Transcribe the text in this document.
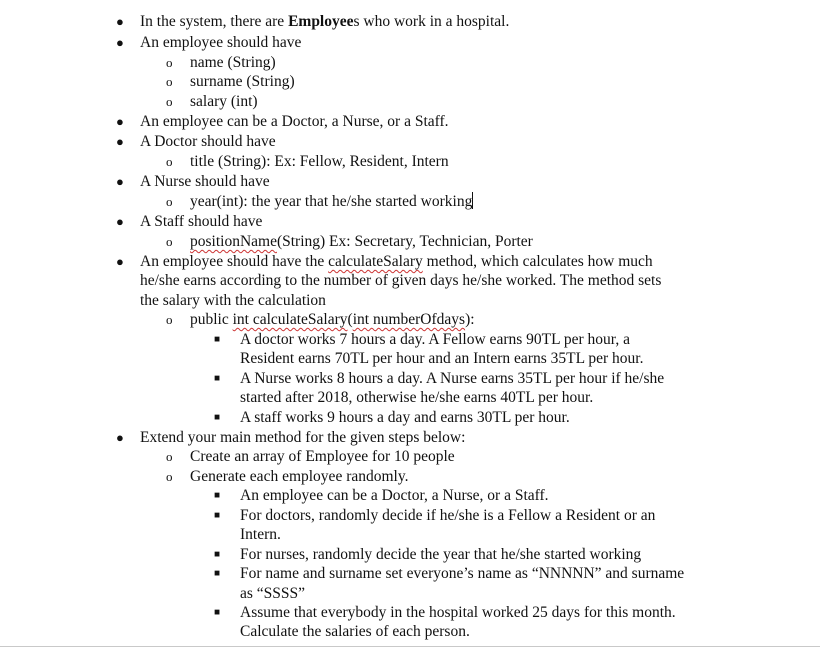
● In the system, there are Employees who work in a hospital.
● An employee should have
o name (String)
o surname (String)
o salary (int)
● An employee can be a Doctor, a Nurse, or a Staff.
● A Doctor should have
o title (String): Ex: Fellow, Resident, Intern
● A Nurse should have
o year(int): the year that he/she started working
● A Staff should have
o positionName(String) Ex: Secretary, Technician, Porter
● An employee should have the calculateSalary method, which calculates how much
he/she earns according to the number of given days he/she worked. The method sets
the salary with the calculation
o public int calculateSalary(int numberOfdays):
■ A doctor works 7 hours a day. A Fellow earns 90TL per hour, a
Resident earns 70TL per hour and an Intern earns 35TL per hour.
■ A Nurse works 8 hours a day. A Nurse earns 35TL per hour if he/she
started after 2018, otherwise he/she earns 40TL per hour.
■ A staff works 9 hours a day and earns 30TL per hour.
● Extend your main method for the given steps below:
o Create an array of Employee for 10 people
o Generate each employee randomly.
■ An employee can be a Doctor, a Nurse, or a Staff.
■ For doctors, randomly decide if he/she is a Fellow a Resident or an
Intern.
■ For nurses, randomly decide the year that he/she started working
■ For name and surname set everyone’s name as “NNNNN” and surname
as “SSSS”
■ Assume that everybody in the hospital worked 25 days for this month.
Calculate the salaries of each person.
